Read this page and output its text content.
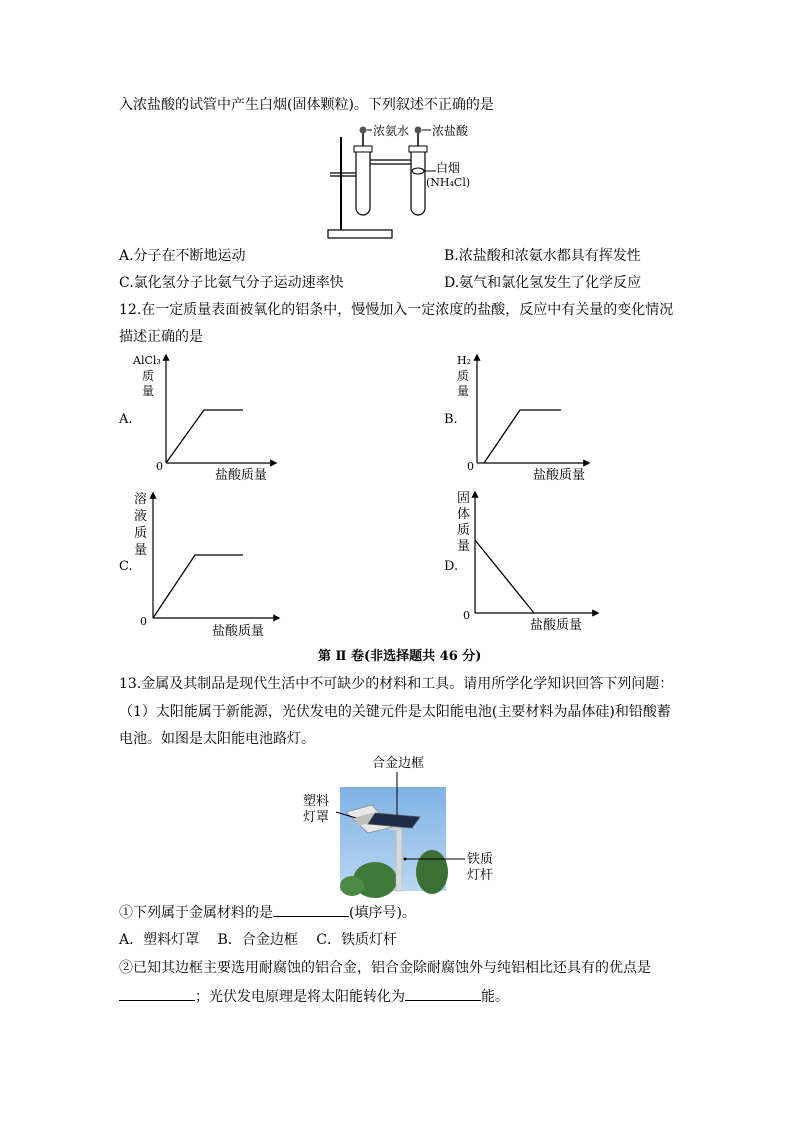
入浓盐酸的试管中产生白烟(固体颗粒)。下列叙述不正确的是
浓氨水 浓盐酸
白烟
(NH₄Cl)
A.分子在不断地运动	B.浓盐酸和浓氨水都具有挥发性
C.氯化氢分子比氨气分子运动速率快	D.氨气和氯化氢发生了化学反应
12.在一定质量表面被氧化的铝条中，慢慢加入一定浓度的盐酸，反应中有关量的变化情况
描述正确的是
AlCl₃
质
量
A.
0
盐酸质量
H₂
质
量
B.
0
盐酸质量
溶
液
质
量
C.
0
盐酸质量
固
体
质
量
D.
0
盐酸质量
第 Ⅱ 卷(非选择题共 46 分)
13.金属及其制品是现代生活中不可缺少的材料和工具。请用所学化学知识回答下列问题：
（1）太阳能属于新能源，光伏发电的关键元件是太阳能电池(主要材料为晶体硅)和铅酸蓄
电池。如图是太阳能电池路灯。
合金边框
塑料
灯罩
铁质
灯杆
①下列属于金属材料的是	(填序号)。
A．塑料灯罩　 B．合金边框　 C．铁质灯杆
②已知其边框主要选用耐腐蚀的铝合金，铝合金除耐腐蚀外与纯铝相比还具有的优点是
；光伏发电原理是将太阳能转化为	能。
